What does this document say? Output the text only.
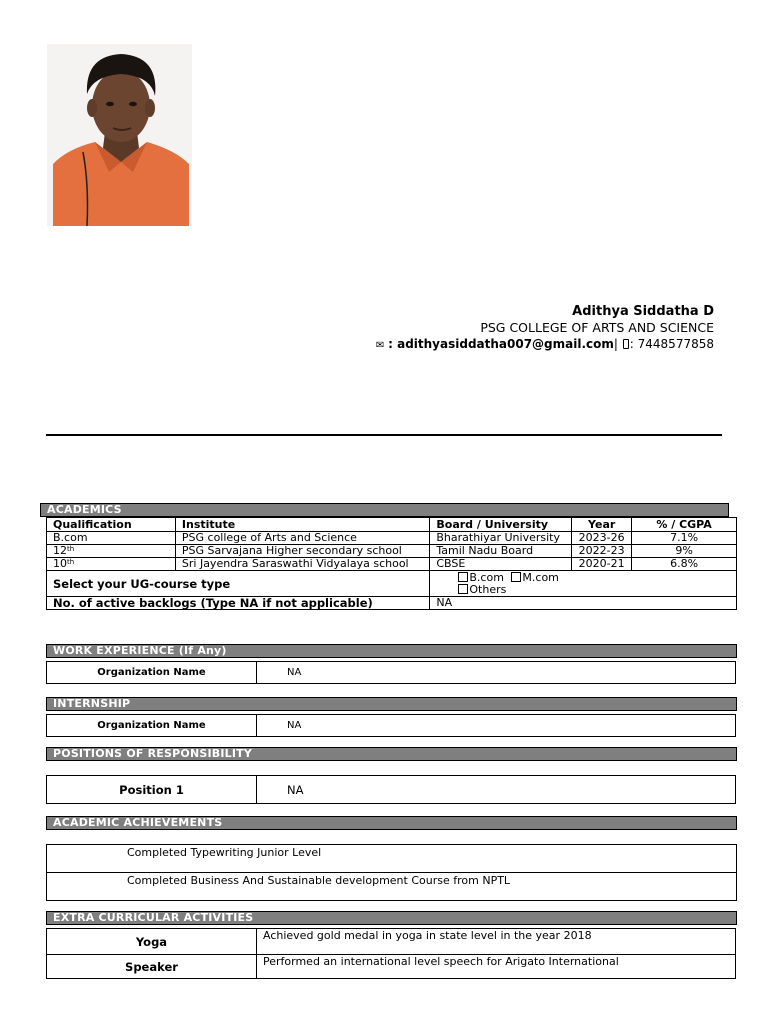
Adithya Siddatha D
PSG COLLEGE OF ARTS AND SCIENCE
✉ : adithyasiddatha007@gmail.com| : 7448577858
ACADEMICS
Qualification	Institute	Board / University	Year	% / CGPA
B.com	PSG college of Arts and Science	Bharathiyar University	2023-26	7.1%
12th	PSG Sarvajana Higher secondary school	Tamil Nadu Board	2022-23	9%
10th	Sri Jayendra Saraswathi Vidyalaya school	CBSE	2020-21	6.8%
Select your UG-course type		B.com M.com
Others		

No. of active backlogs (Type NA if not applicable)		NA		
WORK EXPERIENCE (If Any)
Organization Name	NA
INTERNSHIP
Organization Name	NA
POSITIONS OF RESPONSIBILITY
Position 1	NA
ACADEMIC ACHIEVEMENTS
Completed Typewriting Junior Level
Completed Business And Sustainable development Course from NPTL
EXTRA CURRICULAR ACTIVITIES
Yoga	Achieved gold medal in yoga in state level in the year 2018
Speaker	Performed an international level speech for Arigato International
